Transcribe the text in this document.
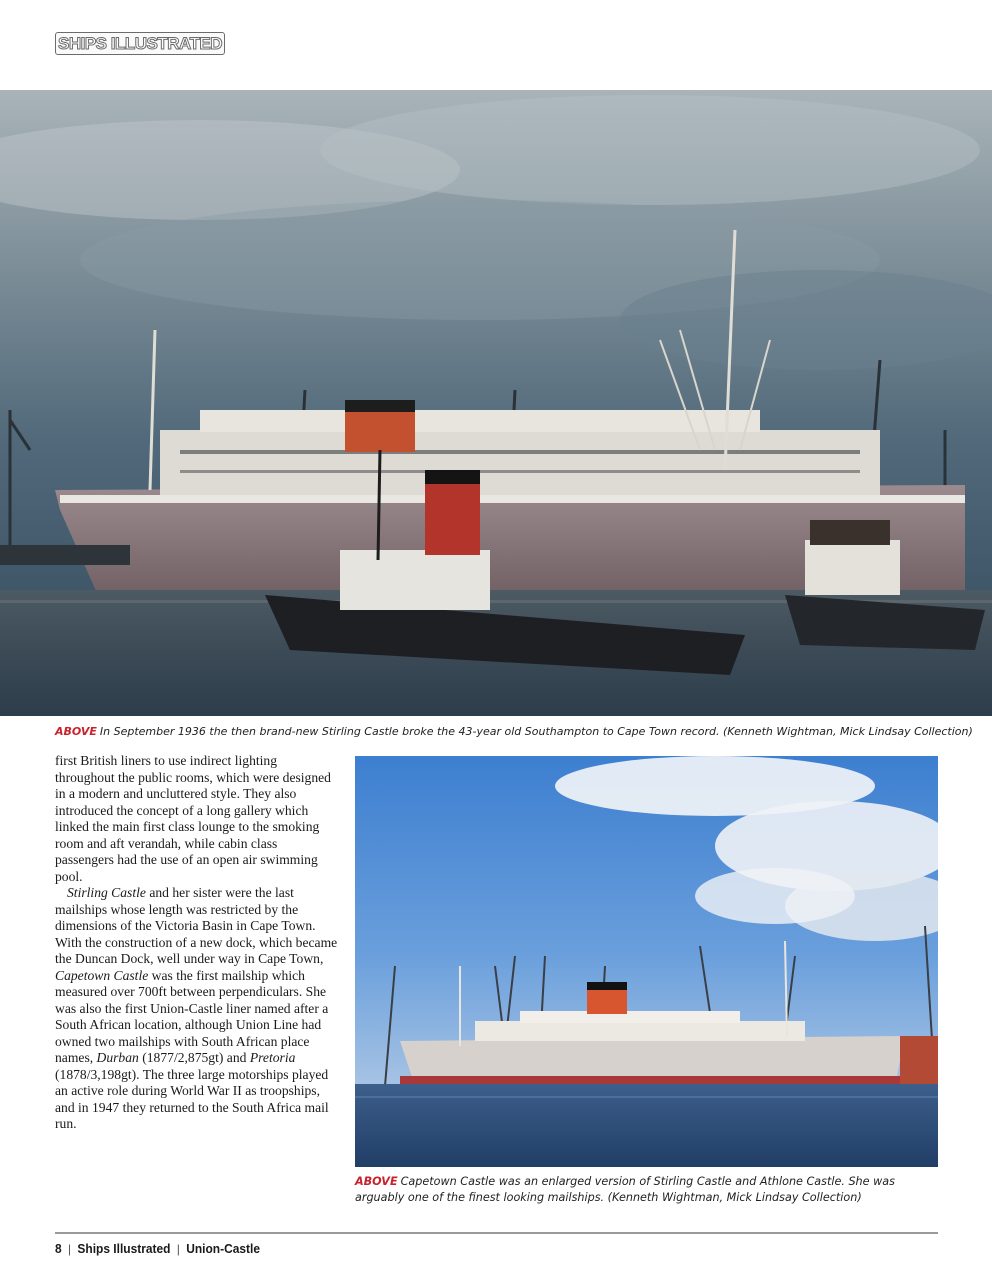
SHIPS ILLUSTRATED
ABOVE In September 1936 the then brand-new Stirling Castle broke the 43-year old Southampton to Cape Town record. (Kenneth Wightman, Mick Lindsay Collection)

first British liners to use indirect lighting throughout the public rooms, which were designed in a modern and uncluttered style. They also introduced the concept of a long gallery which linked the main first class lounge to the smoking room and aft verandah, while cabin class passengers had the use of an open air swimming pool.

Stirling Castle and her sister were the last mailships whose length was restricted by the dimensions of the Victoria Basin in Cape Town. With the construction of a new dock, which became the Duncan Dock, well under way in Cape Town, Capetown Castle was the first mailship which measured over 700ft between perpendiculars. She was also the first Union-Castle liner named after a South African location, although Union Line had owned two mailships with South African place names, Durban (1877/2,875gt) and Pretoria (1878/3,198gt). The three large motorships played an active role during World War II as troopships, and in 1947 they returned to the South Africa mail run.

ABOVE Capetown Castle was an enlarged version of Stirling Castle and Athlone Castle. She was arguably one of the finest looking mailships. (Kenneth Wightman, Mick Lindsay Collection)
8 | Ships Illustrated | Union-Castle
